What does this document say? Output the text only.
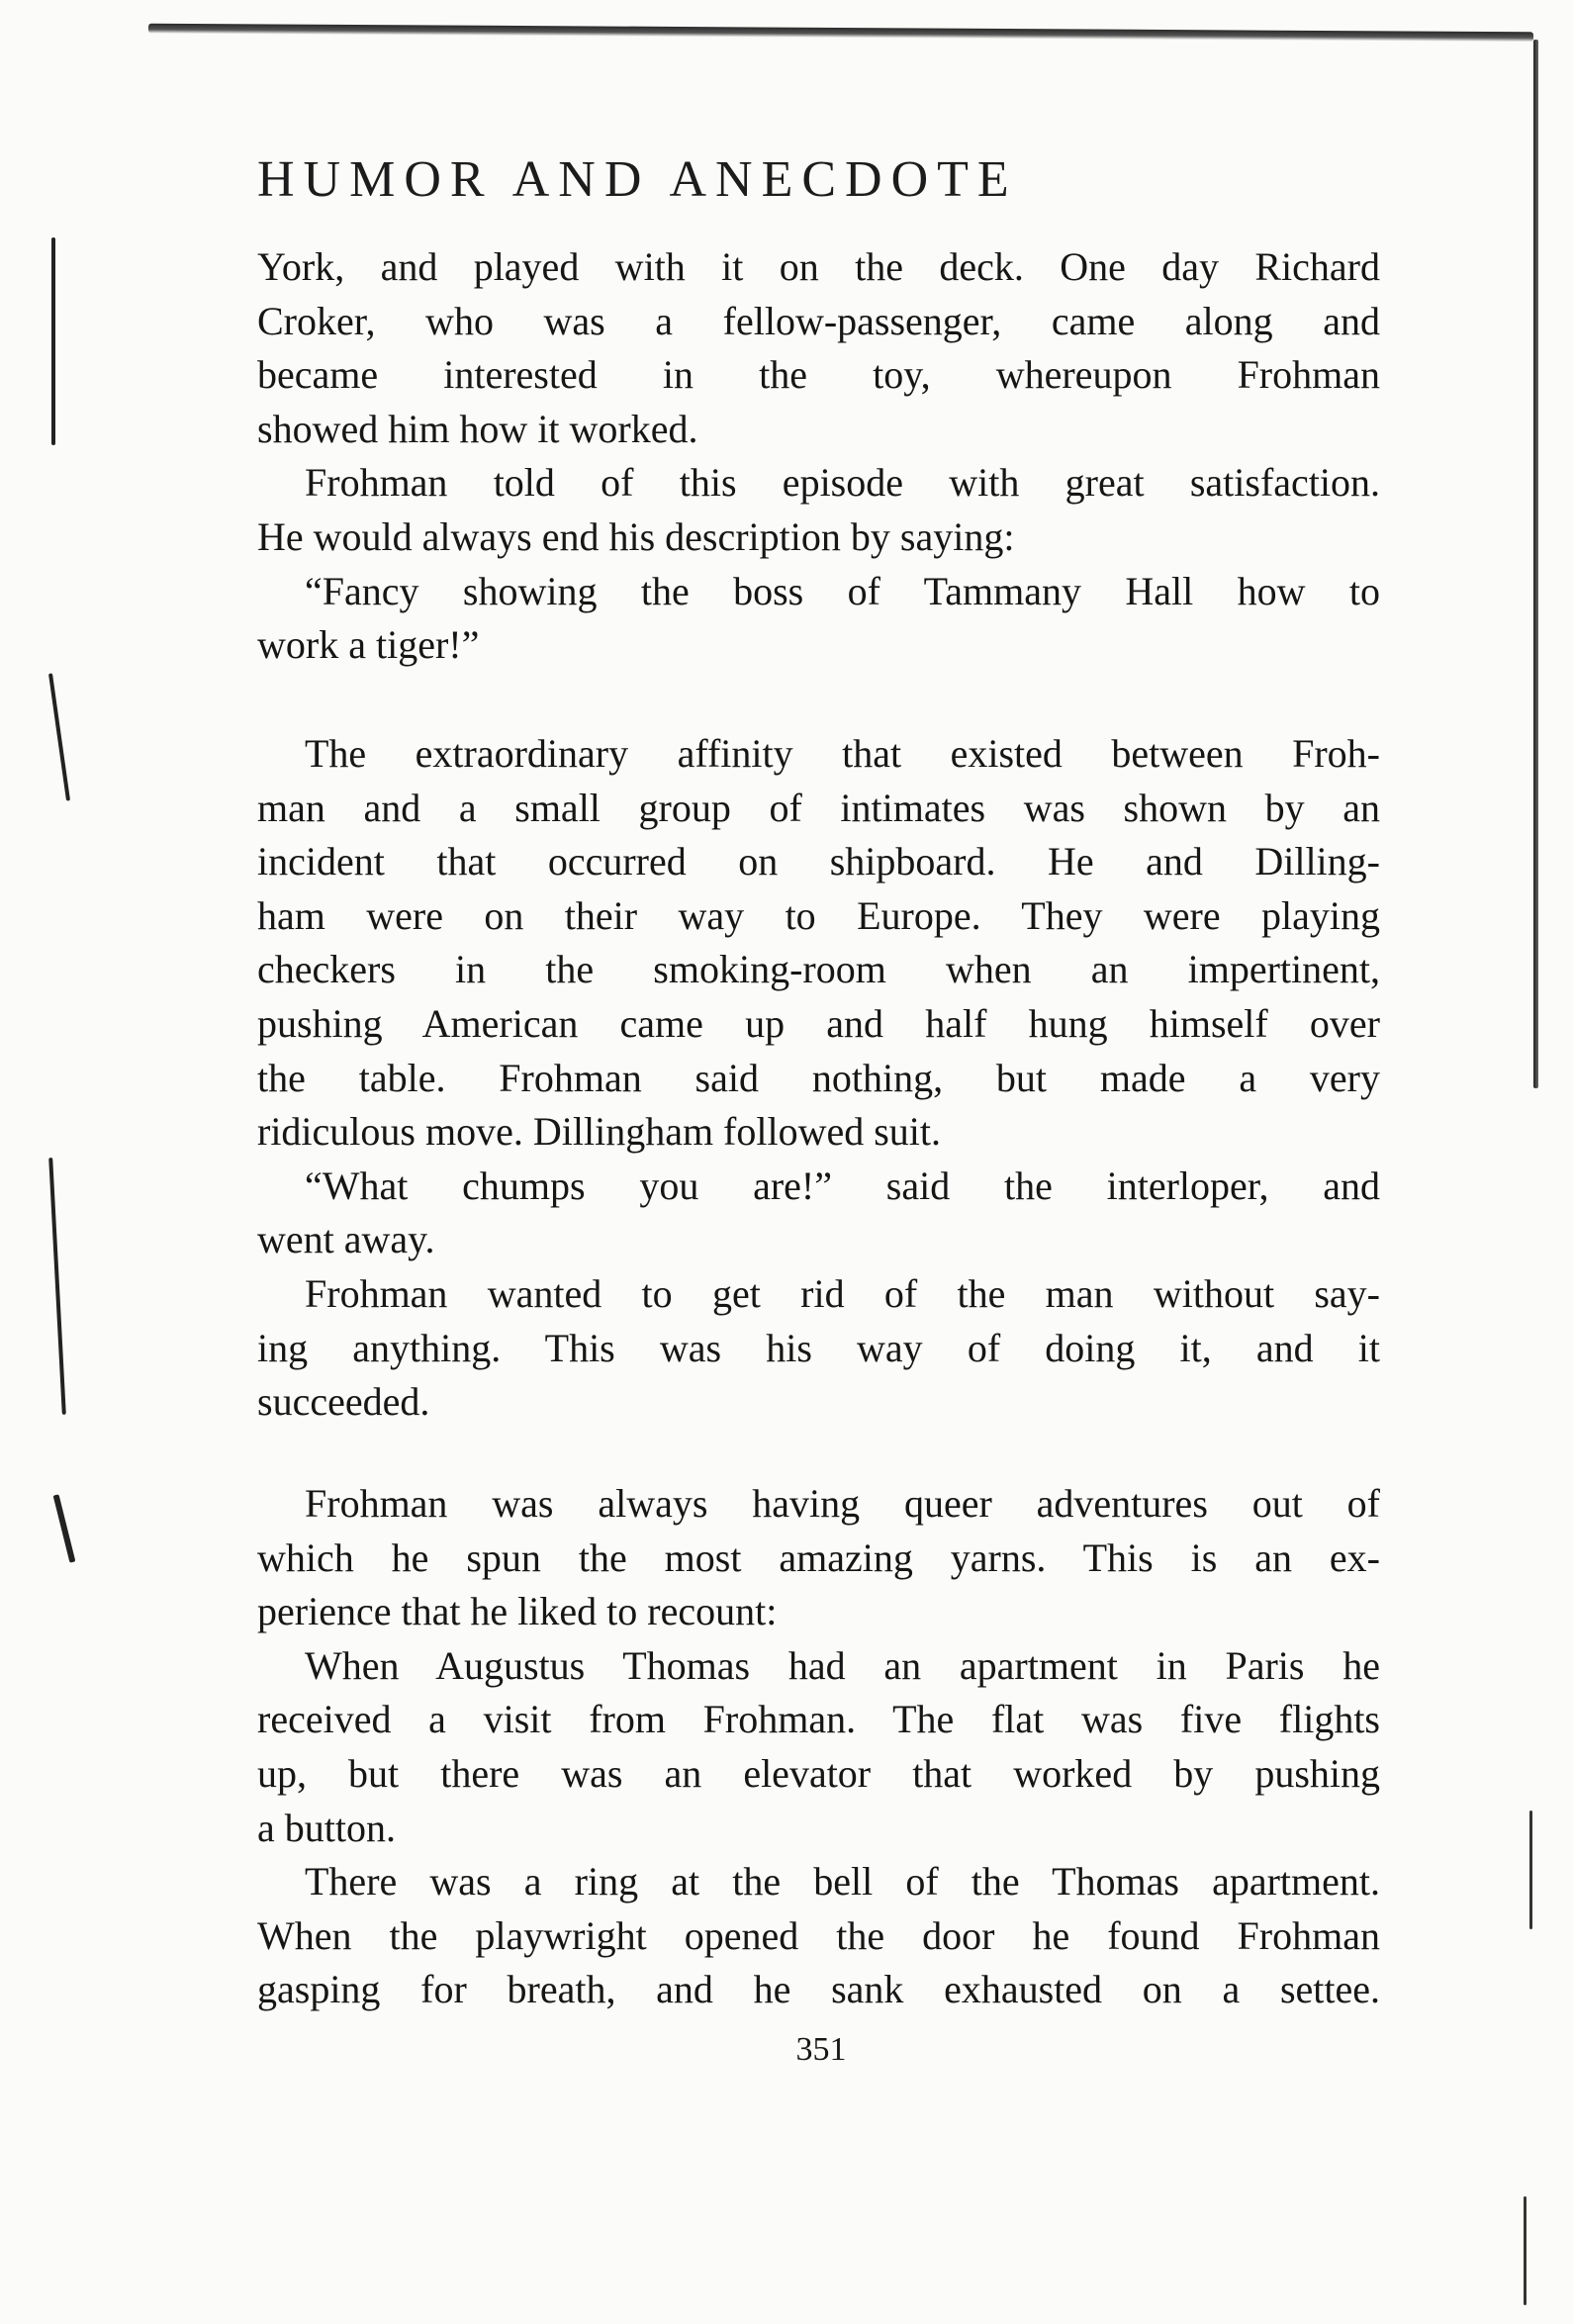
HUMOR AND ANECDOTE
York, and played with it on the deck. One day Richard
Croker, who was a fellow-passenger, came along and
became interested in the toy, whereupon Frohman
showed him how it worked.
Frohman told of this episode with great satisfaction.
He would always end his description by saying:
“Fancy showing the boss of Tammany Hall how to
work a tiger!”
The extraordinary affinity that existed between Froh-
man and a small group of intimates was shown by an
incident that occurred on shipboard. He and Dilling-
ham were on their way to Europe. They were playing
checkers in the smoking-room when an impertinent,
pushing American came up and half hung himself over
the table. Frohman said nothing, but made a very
ridiculous move. Dillingham followed suit.
“What chumps you are!” said the interloper, and
went away.
Frohman wanted to get rid of the man without say-
ing anything. This was his way of doing it, and it
succeeded.
Frohman was always having queer adventures out of
which he spun the most amazing yarns. This is an ex-
perience that he liked to recount:
When Augustus Thomas had an apartment in Paris he
received a visit from Frohman. The flat was five flights
up, but there was an elevator that worked by pushing
a button.
There was a ring at the bell of the Thomas apartment.
When the playwright opened the door he found Frohman
gasping for breath, and he sank exhausted on a settee.
351
